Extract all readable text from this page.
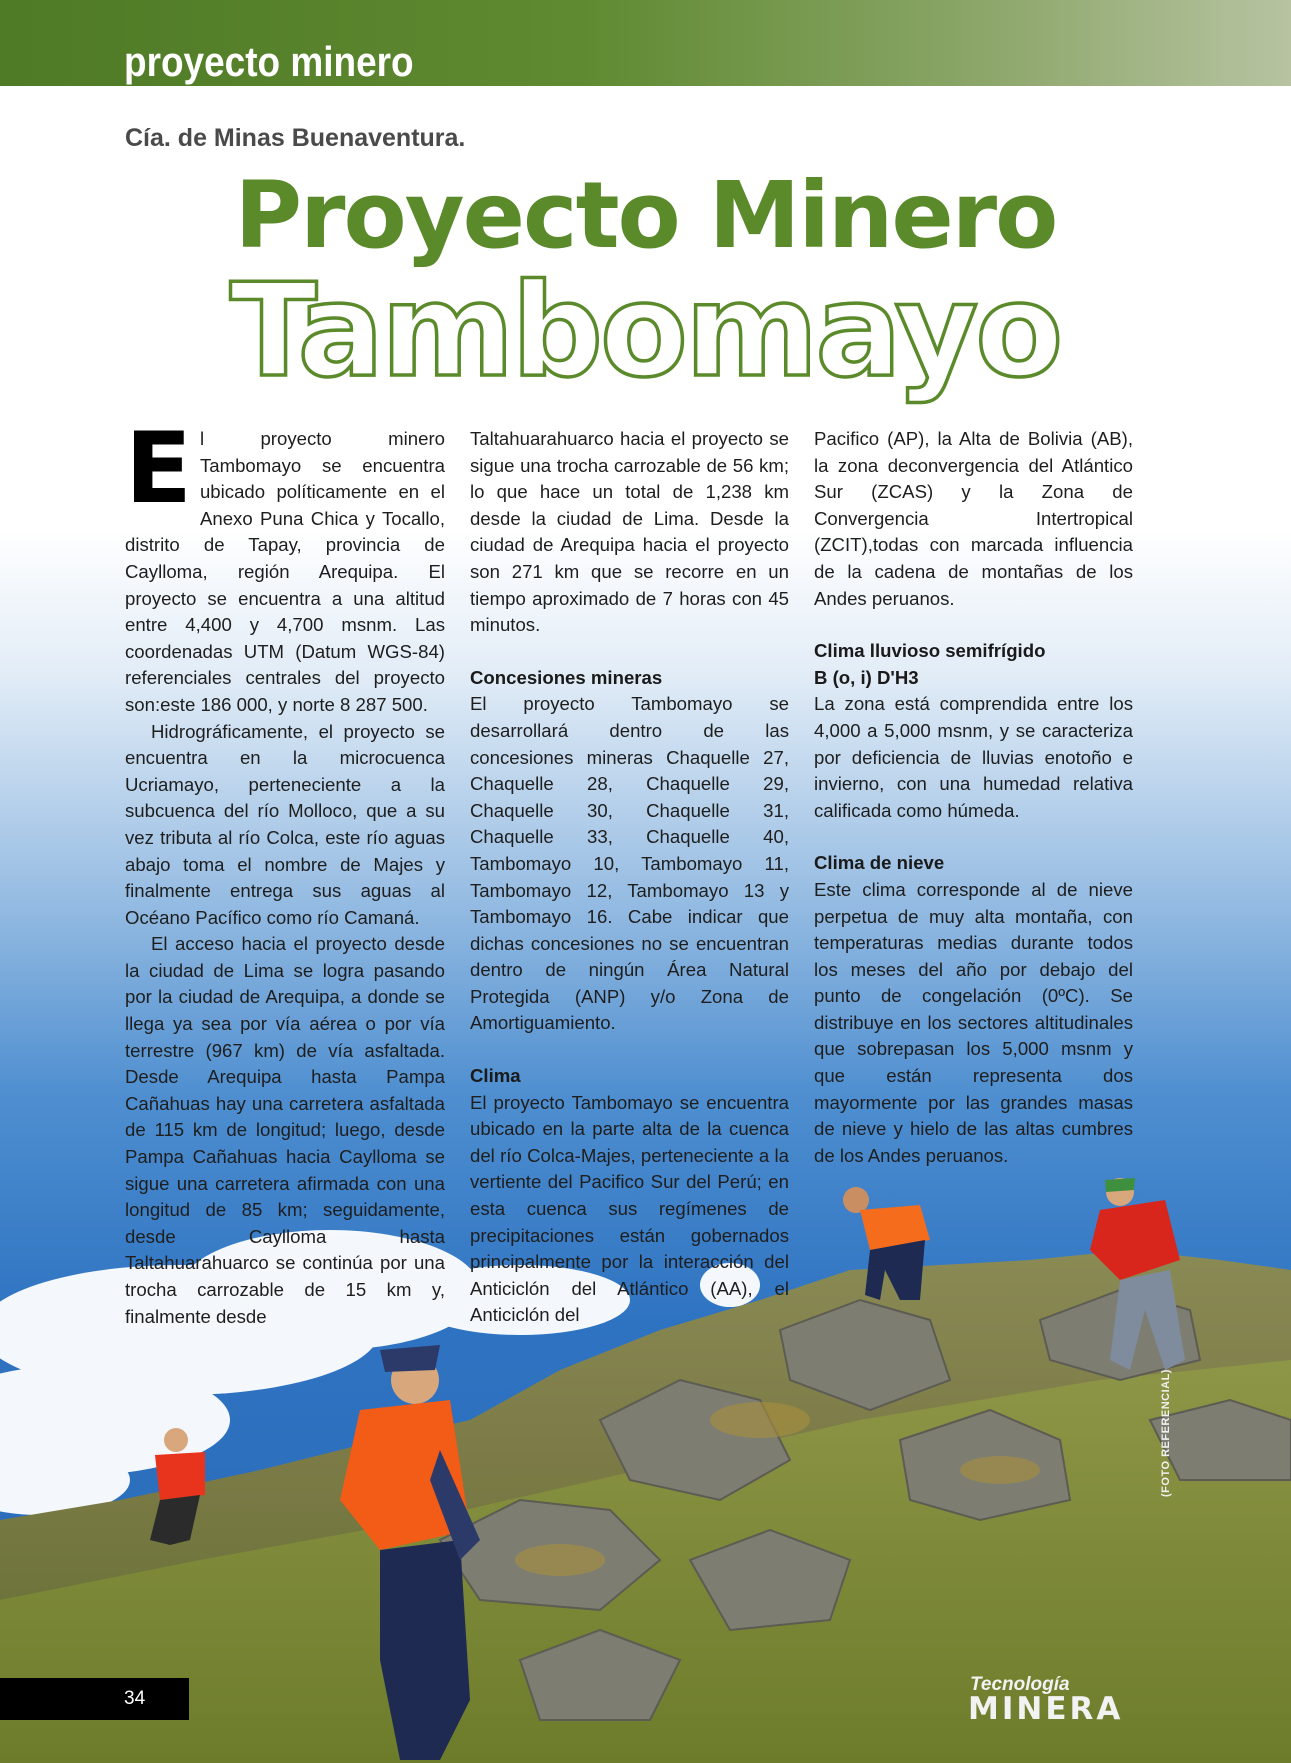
proyecto minero
Cía. de Minas Buenaventura.
Proyecto Minero
Tambomayo

El proyecto minero Tambomayo se encuentra ubicado políticamente en el Anexo Puna Chica y Tocallo, distrito de Tapay, provincia de Caylloma, región Arequipa. El proyecto se encuentra a una altitud entre 4,400 y 4,700 msnm. Las coordenadas UTM (Datum WGS-84) referenciales centrales del proyecto son:este 186 000, y norte 8 287 500.

Hidrográficamente, el proyecto se encuentra en la microcuenca Ucriamayo, perteneciente a la subcuenca del río Molloco, que a su vez tributa al río Colca, este río aguas abajo toma el nombre de Majes y finalmente entrega sus aguas al Océano Pacífico como río Camaná.

El acceso hacia el proyecto desde la ciudad de Lima se logra pasando por la ciudad de Arequipa, a donde se llega ya sea por vía aérea o por vía terrestre (967 km) de vía asfaltada. Desde Arequipa hasta Pampa Cañahuas hay una carretera asfaltada de 115 km de longitud; luego, desde Pampa Cañahuas hacia Caylloma se sigue una carretera afirmada con una longitud de 85 km; seguidamente, desde Caylloma hasta Taltahuarahuarco se continúa por una trocha carrozable de 15 km y, finalmente desde

Taltahuarahuarco hacia el proyecto se sigue una trocha carrozable de 56 km; lo que hace un total de 1,238 km desde la ciudad de Lima. Desde la ciudad de Arequipa hacia el proyecto son 271 km que se recorre en un tiempo aproximado de 7 horas con 45 minutos.

Concesiones mineras

El proyecto Tambomayo se desarrollará dentro de las concesiones mineras Chaquelle 27, Chaquelle 28, Chaquelle 29, Chaquelle 30, Chaquelle 31, Chaquelle 33, Chaquelle 40, Tambomayo 10, Tambomayo 11, Tambomayo 12, Tambomayo 13 y Tambomayo 16. Cabe indicar que dichas concesiones no se encuentran dentro de ningún Área Natural Protegida (ANP) y/o Zona de Amortiguamiento.

Clima

El proyecto Tambomayo se encuentra ubicado en la parte alta de la cuenca del río Colca-Majes, perteneciente a la vertiente del Pacifico Sur del Perú; en esta cuenca sus regímenes de precipitaciones están gobernados principalmente por la interacción del Anticiclón del Atlántico (AA), el Anticiclón del

Pacifico (AP), la Alta de Bolivia (AB), la zona deconvergencia del Atlántico Sur (ZCAS) y la Zona de Convergencia Intertropical (ZCIT),todas con marcada influencia de la cadena de montañas de los Andes peruanos.

Clima lluvioso semifrígido
B (o, i) D'H3

La zona está comprendida entre los 4,000 a 5,000 msnm, y se caracteriza por deficiencia de lluvias enotoño e invierno, con una humedad relativa calificada como húmeda.

Clima de nieve

Este clima corresponde al de nieve perpetua de muy alta montaña, con temperaturas medias durante todos los meses del año por debajo del punto de congelación (0ºC). Se distribuye en los sectores altitudinales que sobrepasan los 5,000 msnm y que están representa dos mayormente por las grandes masas de nieve y hielo de las altas cumbres de los Andes peruanos.

(FOTO REFERENCIAL)
34
Tecnología
MINERA
